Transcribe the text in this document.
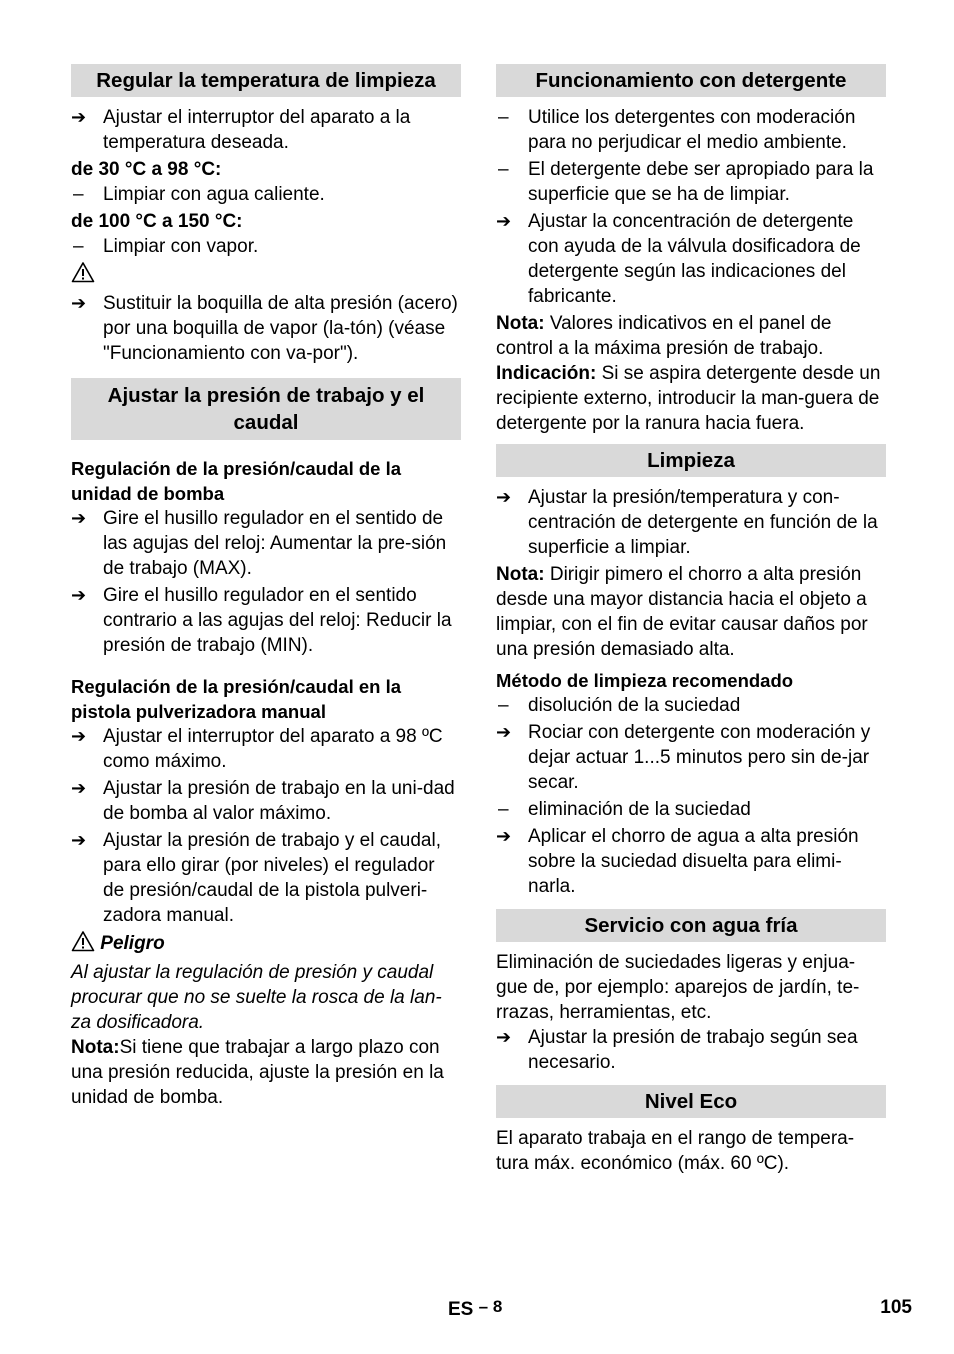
Regular la temperatura de limpieza
➔ Ajustar el interruptor del aparato a la temperatura deseada.
de 30 °C a 98 °C:
–	Limpiar con agua caliente.
de 100 °C a 150 °C:
–	Limpiar con vapor.
➔ Sustituir la boquilla de alta presión (acero) por una boquilla de vapor (la-tón) (véase "Funcionamiento con va-por").
Ajustar la presión de trabajo y el caudal
Regulación de la presión/caudal de la unidad de bomba
➔ Gire el husillo regulador en el sentido de las agujas del reloj: Aumentar la pre-sión de trabajo (MAX).
➔ Gire el husillo regulador en el sentido contrario a las agujas del reloj: Reducir la presión de trabajo (MIN).
Regulación de la presión/caudal en la pistola pulverizadora manual
➔ Ajustar el interruptor del aparato a 98 ºC como máximo.
➔ Ajustar la presión de trabajo en la uni-dad de bomba al valor máximo.
➔ Ajustar la presión de trabajo y el caudal, para ello girar (por niveles) el regulador de presión/caudal de la pistola pulveri-zadora manual.
Peligro
Al ajustar la regulación de presión y caudal procurar que no se suelte la rosca de la lan-za dosificadora.
Nota:Si tiene que trabajar a largo plazo con una presión reducida, ajuste la presión en la unidad de bomba.
Funcionamiento con detergente
–	Utilice los detergentes con moderación para no perjudicar el medio ambiente.
–	El detergente debe ser apropiado para la superficie que se ha de limpiar.
➔ Ajustar la concentración de detergente con ayuda de la válvula dosificadora de detergente según las indicaciones del fabricante.
Nota: Valores indicativos en el panel de control a la máxima presión de trabajo.
Indicación: Si se aspira detergente desde un recipiente externo, introducir la man-guera de detergente por la ranura hacia fuera.
Limpieza
➔ Ajustar la presión/temperatura y con-centración de detergente en función de la superficie a limpiar.
Nota: Dirigir pimero el chorro a alta presión desde una mayor distancia hacia el objeto a limpiar, con el fin de evitar causar daños por una presión demasiado alta.
Método de limpieza recomendado
–	disolución de la suciedad
➔ Rociar con detergente con moderación y dejar actuar 1...5 minutos pero sin de-jar secar.
–	eliminación de la suciedad
➔ Aplicar el chorro de agua a alta presión sobre la suciedad disuelta para elimi-narla.
Servicio con agua fría
Eliminación de suciedades ligeras y enjua-gue de, por ejemplo: aparejos de jardín, te-rrazas, herramientas, etc.
➔ Ajustar la presión de trabajo según sea necesario.
Nivel Eco
El aparato trabaja en el rango de tempera-tura máx. económico (máx. 60 ºC).
ES – 8	105
